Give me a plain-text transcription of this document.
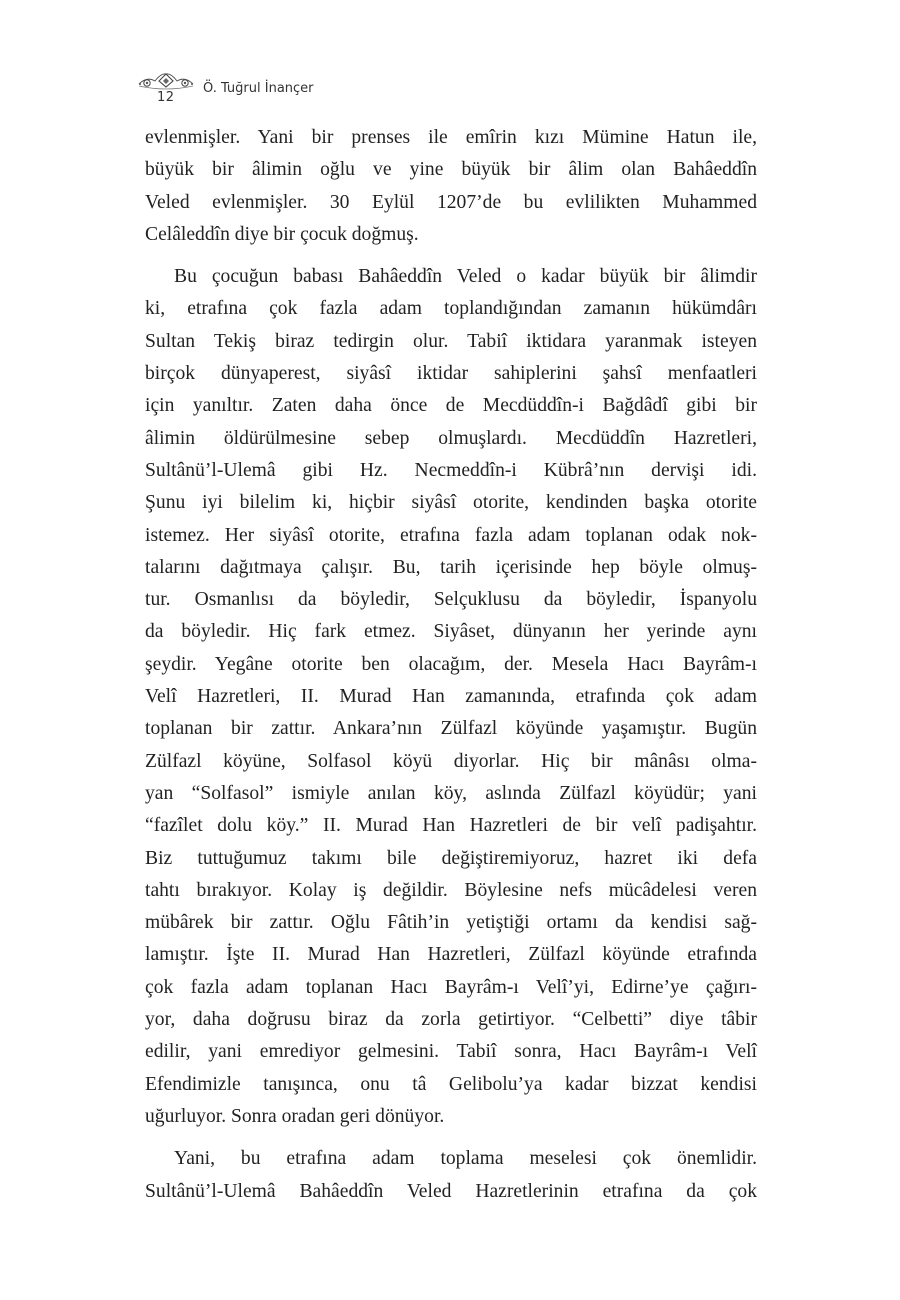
12
Ö. Tuğrul İnançer
evlenmişler. Yani bir prenses ile emîrin kızı Mümine Hatun ile,
büyük bir âlimin oğlu ve yine büyük bir âlim olan Bahâeddîn
Veled evlenmişler. 30 Eylül 1207’de bu evlilikten Muhammed
Celâleddîn diye bir çocuk doğmuş.
Bu çocuğun babası Bahâeddîn Veled o kadar büyük bir âlimdir
ki, etrafına çok fazla adam toplandığından zamanın hükümdârı
Sultan Tekiş biraz tedirgin olur. Tabiî iktidara yaranmak isteyen
birçok dünyaperest, siyâsî iktidar sahiplerini şahsî menfaatleri
için yanıltır. Zaten daha önce de Mecdüddîn-i Bağdâdî gibi bir
âlimin öldürülmesine sebep olmuşlardı. Mecdüddîn Hazretleri,
Sultânü’l-Ulemâ gibi Hz. Necmeddîn-i Kübrâ’nın dervişi idi.
Şunu iyi bilelim ki, hiçbir siyâsî otorite, kendinden başka otorite
istemez. Her siyâsî otorite, etrafına fazla adam toplanan odak nok-
talarını dağıtmaya çalışır. Bu, tarih içerisinde hep böyle olmuş-
tur. Osmanlısı da böyledir, Selçuklusu da böyledir, İspanyolu
da böyledir. Hiç fark etmez. Siyâset, dünyanın her yerinde aynı
şeydir. Yegâne otorite ben olacağım, der. Mesela Hacı Bayrâm-ı
Velî Hazretleri, II. Murad Han zamanında, etrafında çok adam
toplanan bir zattır. Ankara’nın Zülfazl köyünde yaşamıştır. Bugün
Zülfazl köyüne, Solfasol köyü diyorlar. Hiç bir mânâsı olma-
yan “Solfasol” ismiyle anılan köy, aslında Zülfazl köyüdür; yani
“fazîlet dolu köy.” II. Murad Han Hazretleri de bir velî padişahtır.
Biz tuttuğumuz takımı bile değiştiremiyoruz, hazret iki defa
tahtı bırakıyor. Kolay iş değildir. Böylesine nefs mücâdelesi veren
mübârek bir zattır. Oğlu Fâtih’in yetiştiği ortamı da kendisi sağ-
lamıştır. İşte II. Murad Han Hazretleri, Zülfazl köyünde etrafında
çok fazla adam toplanan Hacı Bayrâm-ı Velî’yi, Edirne’ye çağırı-
yor, daha doğrusu biraz da zorla getirtiyor. “Celbetti” diye tâbir
edilir, yani emrediyor gelmesini. Tabiî sonra, Hacı Bayrâm-ı Velî
Efendimizle tanışınca, onu tâ Gelibolu’ya kadar bizzat kendisi
uğurluyor. Sonra oradan geri dönüyor.
Yani, bu etrafına adam toplama meselesi çok önemlidir.
Sultânü’l-Ulemâ Bahâeddîn Veled Hazretlerinin etrafına da çok
